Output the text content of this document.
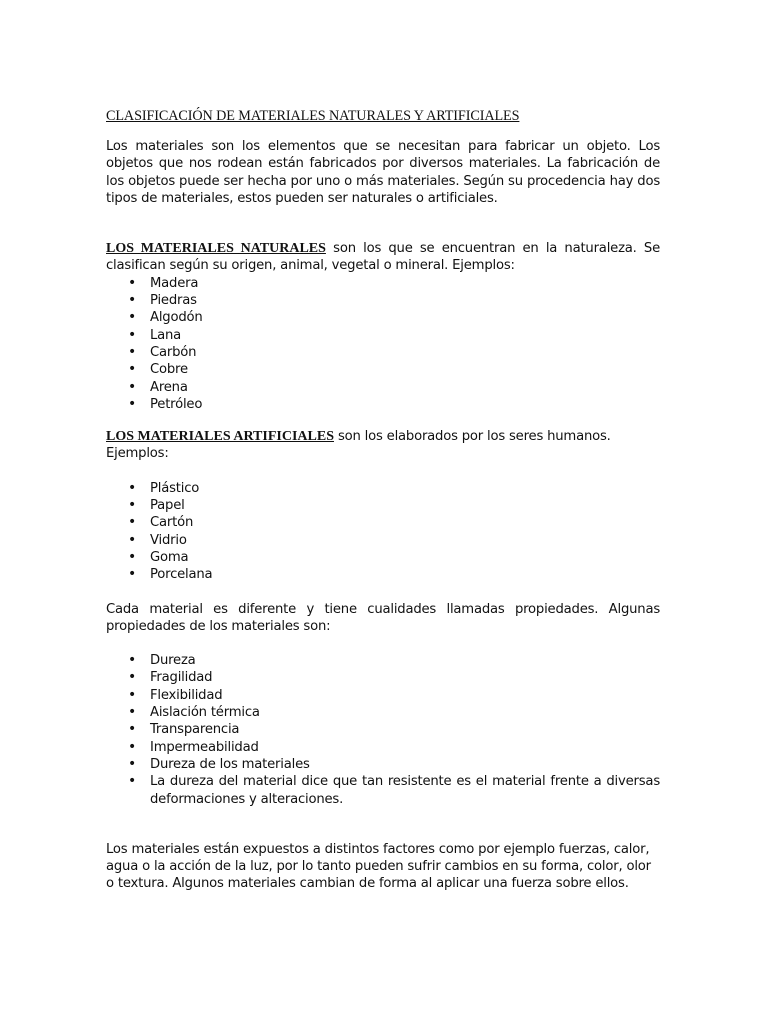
CLASIFICACIÓN DE MATERIALES NATURALES Y ARTIFICIALES

Los materiales son los elementos que se necesitan para fabricar un objeto. Los objetos que nos rodean están fabricados por diversos materiales. La fabricación de los objetos puede ser hecha por uno o más materiales. Según su procedencia hay dos tipos de materiales, estos pueden ser naturales o artificiales.

LOS MATERIALES NATURALES son los que se encuentran en la naturaleza. Se clasifican según su origen, animal, vegetal o mineral. Ejemplos:

• Madera
• Piedras
• Algodón
• Lana
• Carbón
• Cobre
• Arena
• Petróleo

LOS MATERIALES ARTIFICIALES son los elaborados por los seres humanos. Ejemplos:

• Plástico
• Papel
• Cartón
• Vidrio
• Goma
• Porcelana

Cada material es diferente y tiene cualidades llamadas propiedades. Algunas propiedades de los materiales son:

• Dureza
• Fragilidad
• Flexibilidad
• Aislación térmica
• Transparencia
• Impermeabilidad
• Dureza de los materiales
• La dureza del material dice que tan resistente es el material frente a diversas deformaciones y alteraciones.

Los materiales están expuestos a distintos factores como por ejemplo fuerzas, calor, agua o la acción de la luz, por lo tanto pueden sufrir cambios en su forma, color, olor o textura. Algunos materiales cambian de forma al aplicar una fuerza sobre ellos.
